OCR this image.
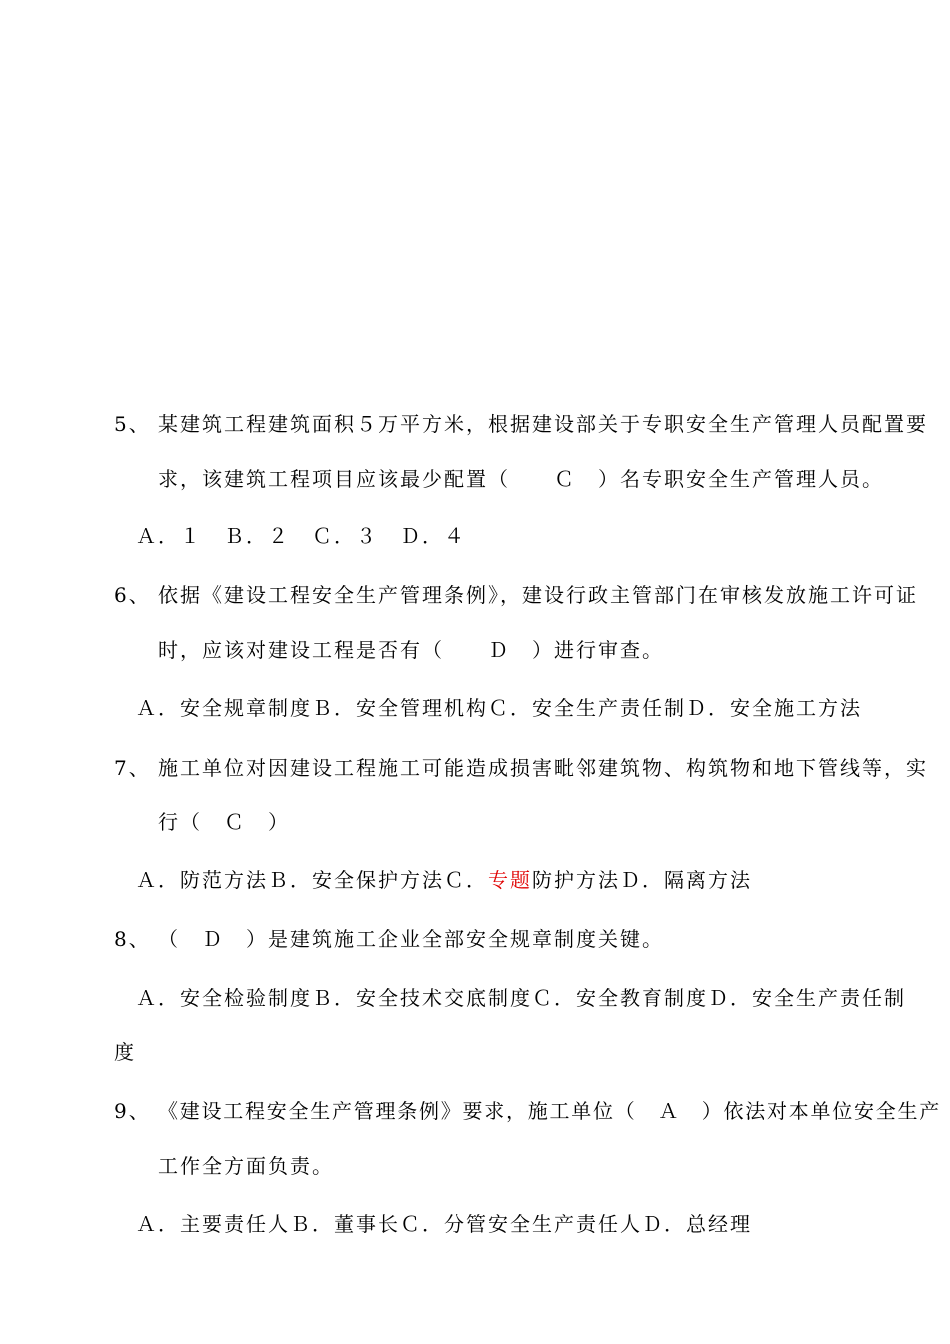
5、 某建筑工程建筑面积５万平方米，根据建设部关于专职安全生产管理人员配置要
求，该建筑工程项目应该最少配置（　　Ｃ　）名专职安全生产管理人员。
Ａ．１　Ｂ．２　Ｃ．３　Ｄ．４
6、 依据《建设工程安全生产管理条例》，建设行政主管部门在审核发放施工许可证
时，应该对建设工程是否有（　　Ｄ　）进行审查。
Ａ．安全规章制度Ｂ．安全管理机构Ｃ．安全生产责任制Ｄ．安全施工方法
7、 施工单位对因建设工程施工可能造成损害毗邻建筑物、构筑物和地下管线等，实
行（　Ｃ　）
Ａ．防范方法Ｂ．安全保护方法Ｃ．专题防护方法Ｄ．隔离方法
8、 （　Ｄ　）是建筑施工企业全部安全规章制度关键。
Ａ．安全检验制度Ｂ．安全技术交底制度Ｃ．安全教育制度Ｄ．安全生产责任制
度
9、 《建设工程安全生产管理条例》要求，施工单位（　Ａ　）依法对本单位安全生产
工作全方面负责。
Ａ．主要责任人Ｂ．董事长Ｃ．分管安全生产责任人Ｄ．总经理
